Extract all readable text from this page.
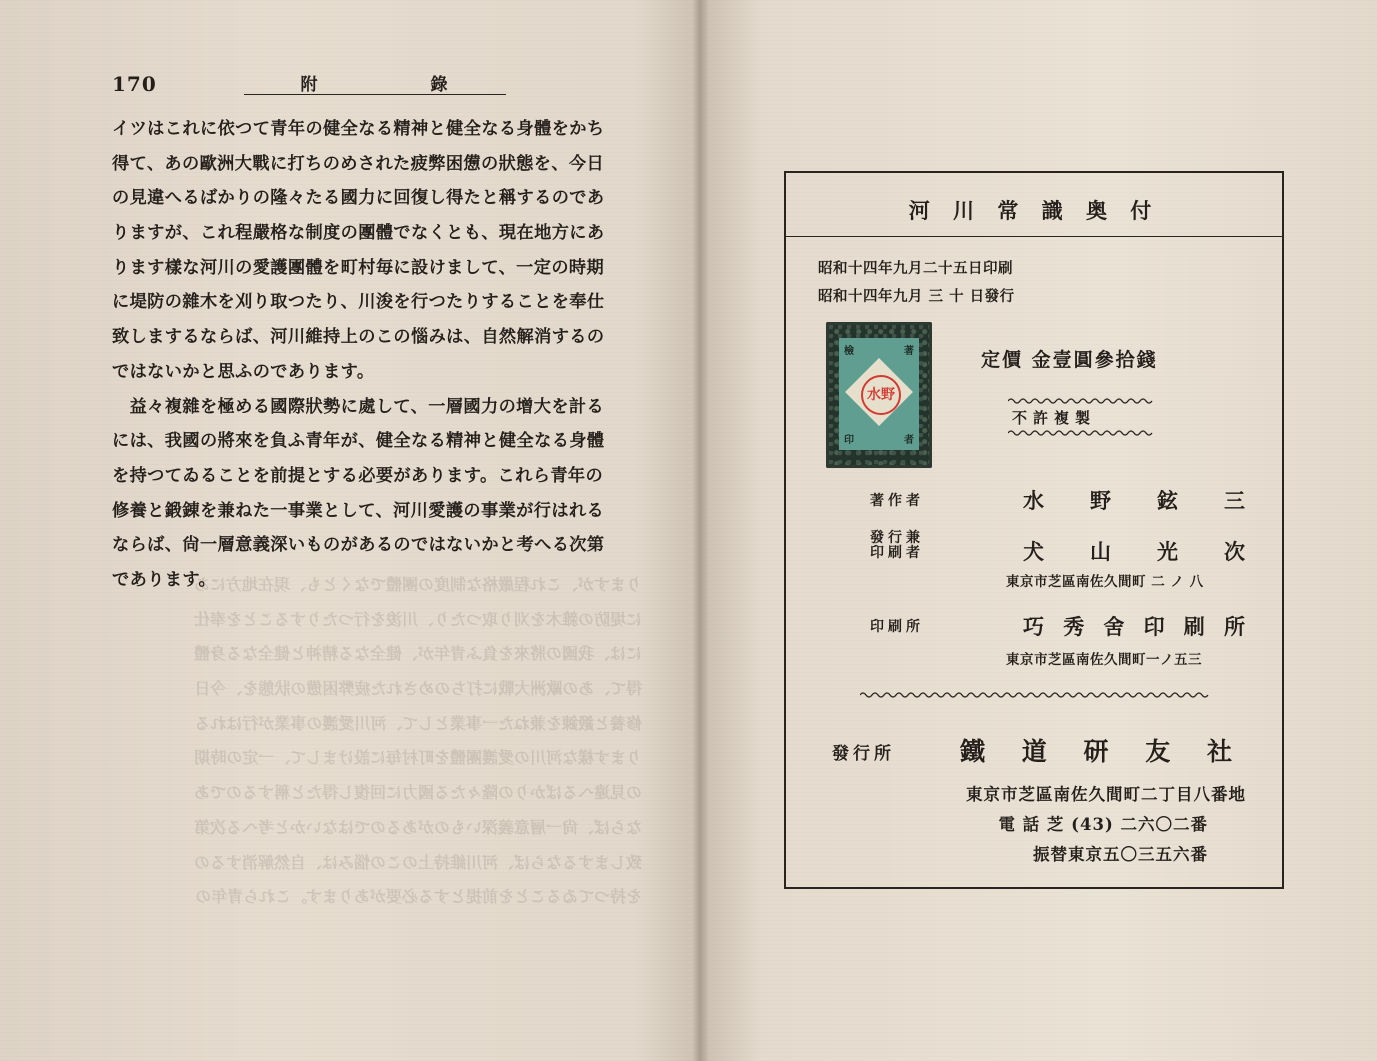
170	附	錄
イツはこれに依つて青年の健全なる精神と健全なる身體をかち
得て、あの歐洲大戰に打ちのめされた疲弊困憊の狀態を、今日
の見違へるばかりの隆々たる國力に回復し得たと稱するのであ
りますが、これ程嚴格な制度の團體でなくとも、現在地方にあ
ります樣な河川の愛護團體を町村毎に設けまして、一定の時期
に堤防の雜木を刈り取つたり、川浚を行つたりすることを奉仕
致しまするならば、河川維持上のこの惱みは、自然解消するの
ではないかと思ふのであります。
　益々複雜を極める國際狀勢に處して、一層國力の增大を計る
には、我國の將來を負ふ青年が、健全なる精神と健全なる身體
を持つてゐることを前提とする必要があります。これら青年の
修養と鍛錬を兼ねた一事業として、河川愛護の事業が行はれる
ならば、尙一層意義深いものがあるのではないかと考へる次第
であります。
りますが、これ程嚴格な制度の團體でなくとも、現在地方にあ
に堤防の雜木を刈り取つたり、川浚を行つたりすることを奉仕
には、我國の將來を負ふ青年が、健全なる精神と健全なる身體
得て、あの歐洲大戰に打ちのめされた疲弊困憊の狀態を、今日
修養と鍛錬を兼ねた一事業として、河川愛護の事業が行はれる
ります樣な河川の愛護團體を町村毎に設けまして、一定の時期
の見違へるばかりの隆々たる國力に回復し得たと稱するのであ
ならば、尙一層意義深いものがあるのではないかと考へる次第
致しまするならば、河川維持上のこの惱みは、自然解消するの
を持つてゐることを前提とする必要があります。これら青年の
河 川 常 識 奥 付
昭和十四年九月二十五日印刷
昭和十四年九月 三 十 日發行
檢	著
印	者
水野
定價 金壹圓參拾錢
不許複製
著作者	水 野 鉉 三
發行兼
印刷者	犬 山 光 次
東京市芝區南佐久間町 二 ノ 八
印刷所	巧 秀 舍 印 刷 所
東京市芝區南佐久間町一ノ五三
發行所	鐵 道 研 友 社
東京市芝區南佐久間町二丁目八番地
電 話 芝 (43) 二六〇二番
振替東京五〇三五六番
